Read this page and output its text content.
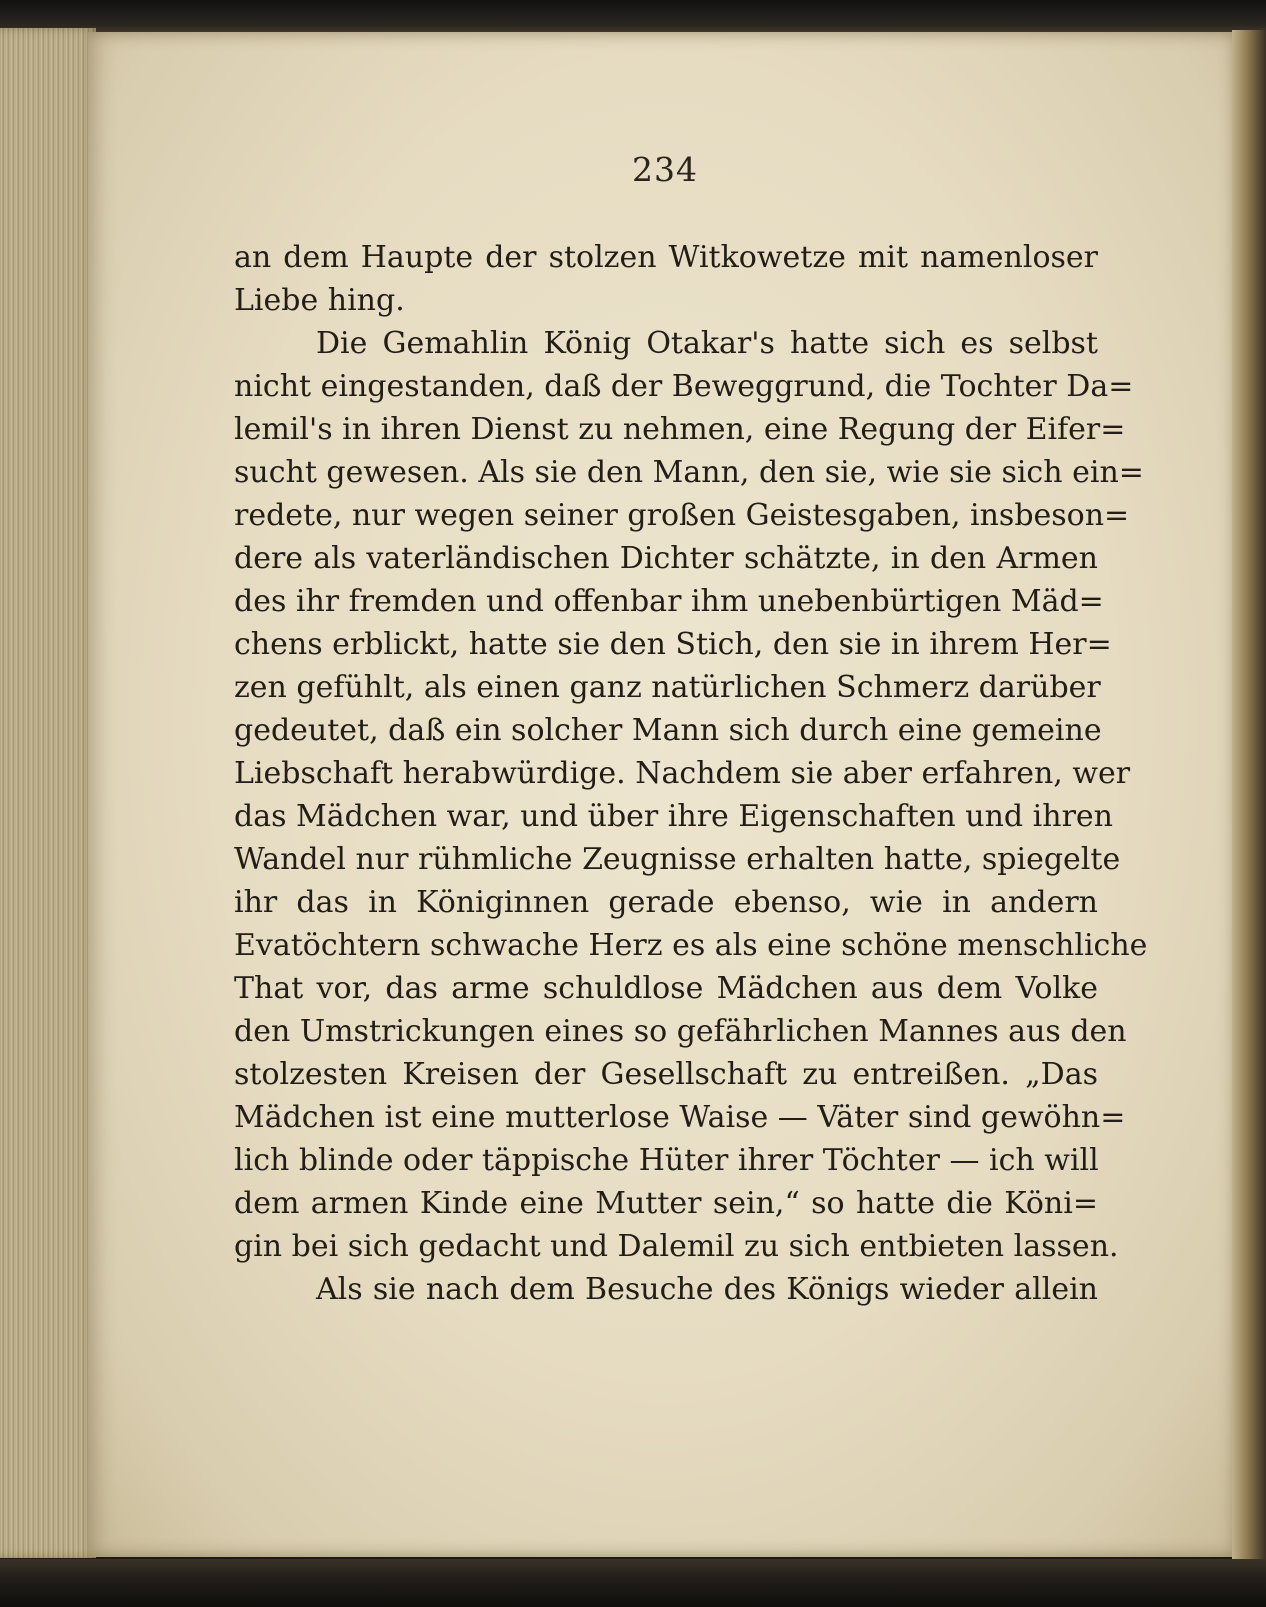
234
an dem Haupte der stolzen Witkowetze mit namenloser
Liebe hing.
Die Gemahlin König Otakar's hatte sich es selbst
nicht eingestanden, daß der Beweggrund, die Tochter Da=
lemil's in ihren Dienst zu nehmen, eine Regung der Eifer=
sucht gewesen. Als sie den Mann, den sie, wie sie sich ein=
redete, nur wegen seiner großen Geistesgaben, insbeson=
dere als vaterländischen Dichter schätzte, in den Armen
des ihr fremden und offenbar ihm unebenbürtigen Mäd=
chens erblickt, hatte sie den Stich, den sie in ihrem Her=
zen gefühlt, als einen ganz natürlichen Schmerz darüber
gedeutet, daß ein solcher Mann sich durch eine gemeine
Liebschaft herabwürdige. Nachdem sie aber erfahren, wer
das Mädchen war, und über ihre Eigenschaften und ihren
Wandel nur rühmliche Zeugnisse erhalten hatte, spiegelte
ihr das in Königinnen gerade ebenso, wie in andern
Evatöchtern schwache Herz es als eine schöne menschliche
That vor, das arme schuldlose Mädchen aus dem Volke
den Umstrickungen eines so gefährlichen Mannes aus den
stolzesten Kreisen der Gesellschaft zu entreißen. „Das
Mädchen ist eine mutterlose Waise — Väter sind gewöhn=
lich blinde oder täppische Hüter ihrer Töchter — ich will
dem armen Kinde eine Mutter sein,“ so hatte die Köni=
gin bei sich gedacht und Dalemil zu sich entbieten lassen.
Als sie nach dem Besuche des Königs wieder allein
